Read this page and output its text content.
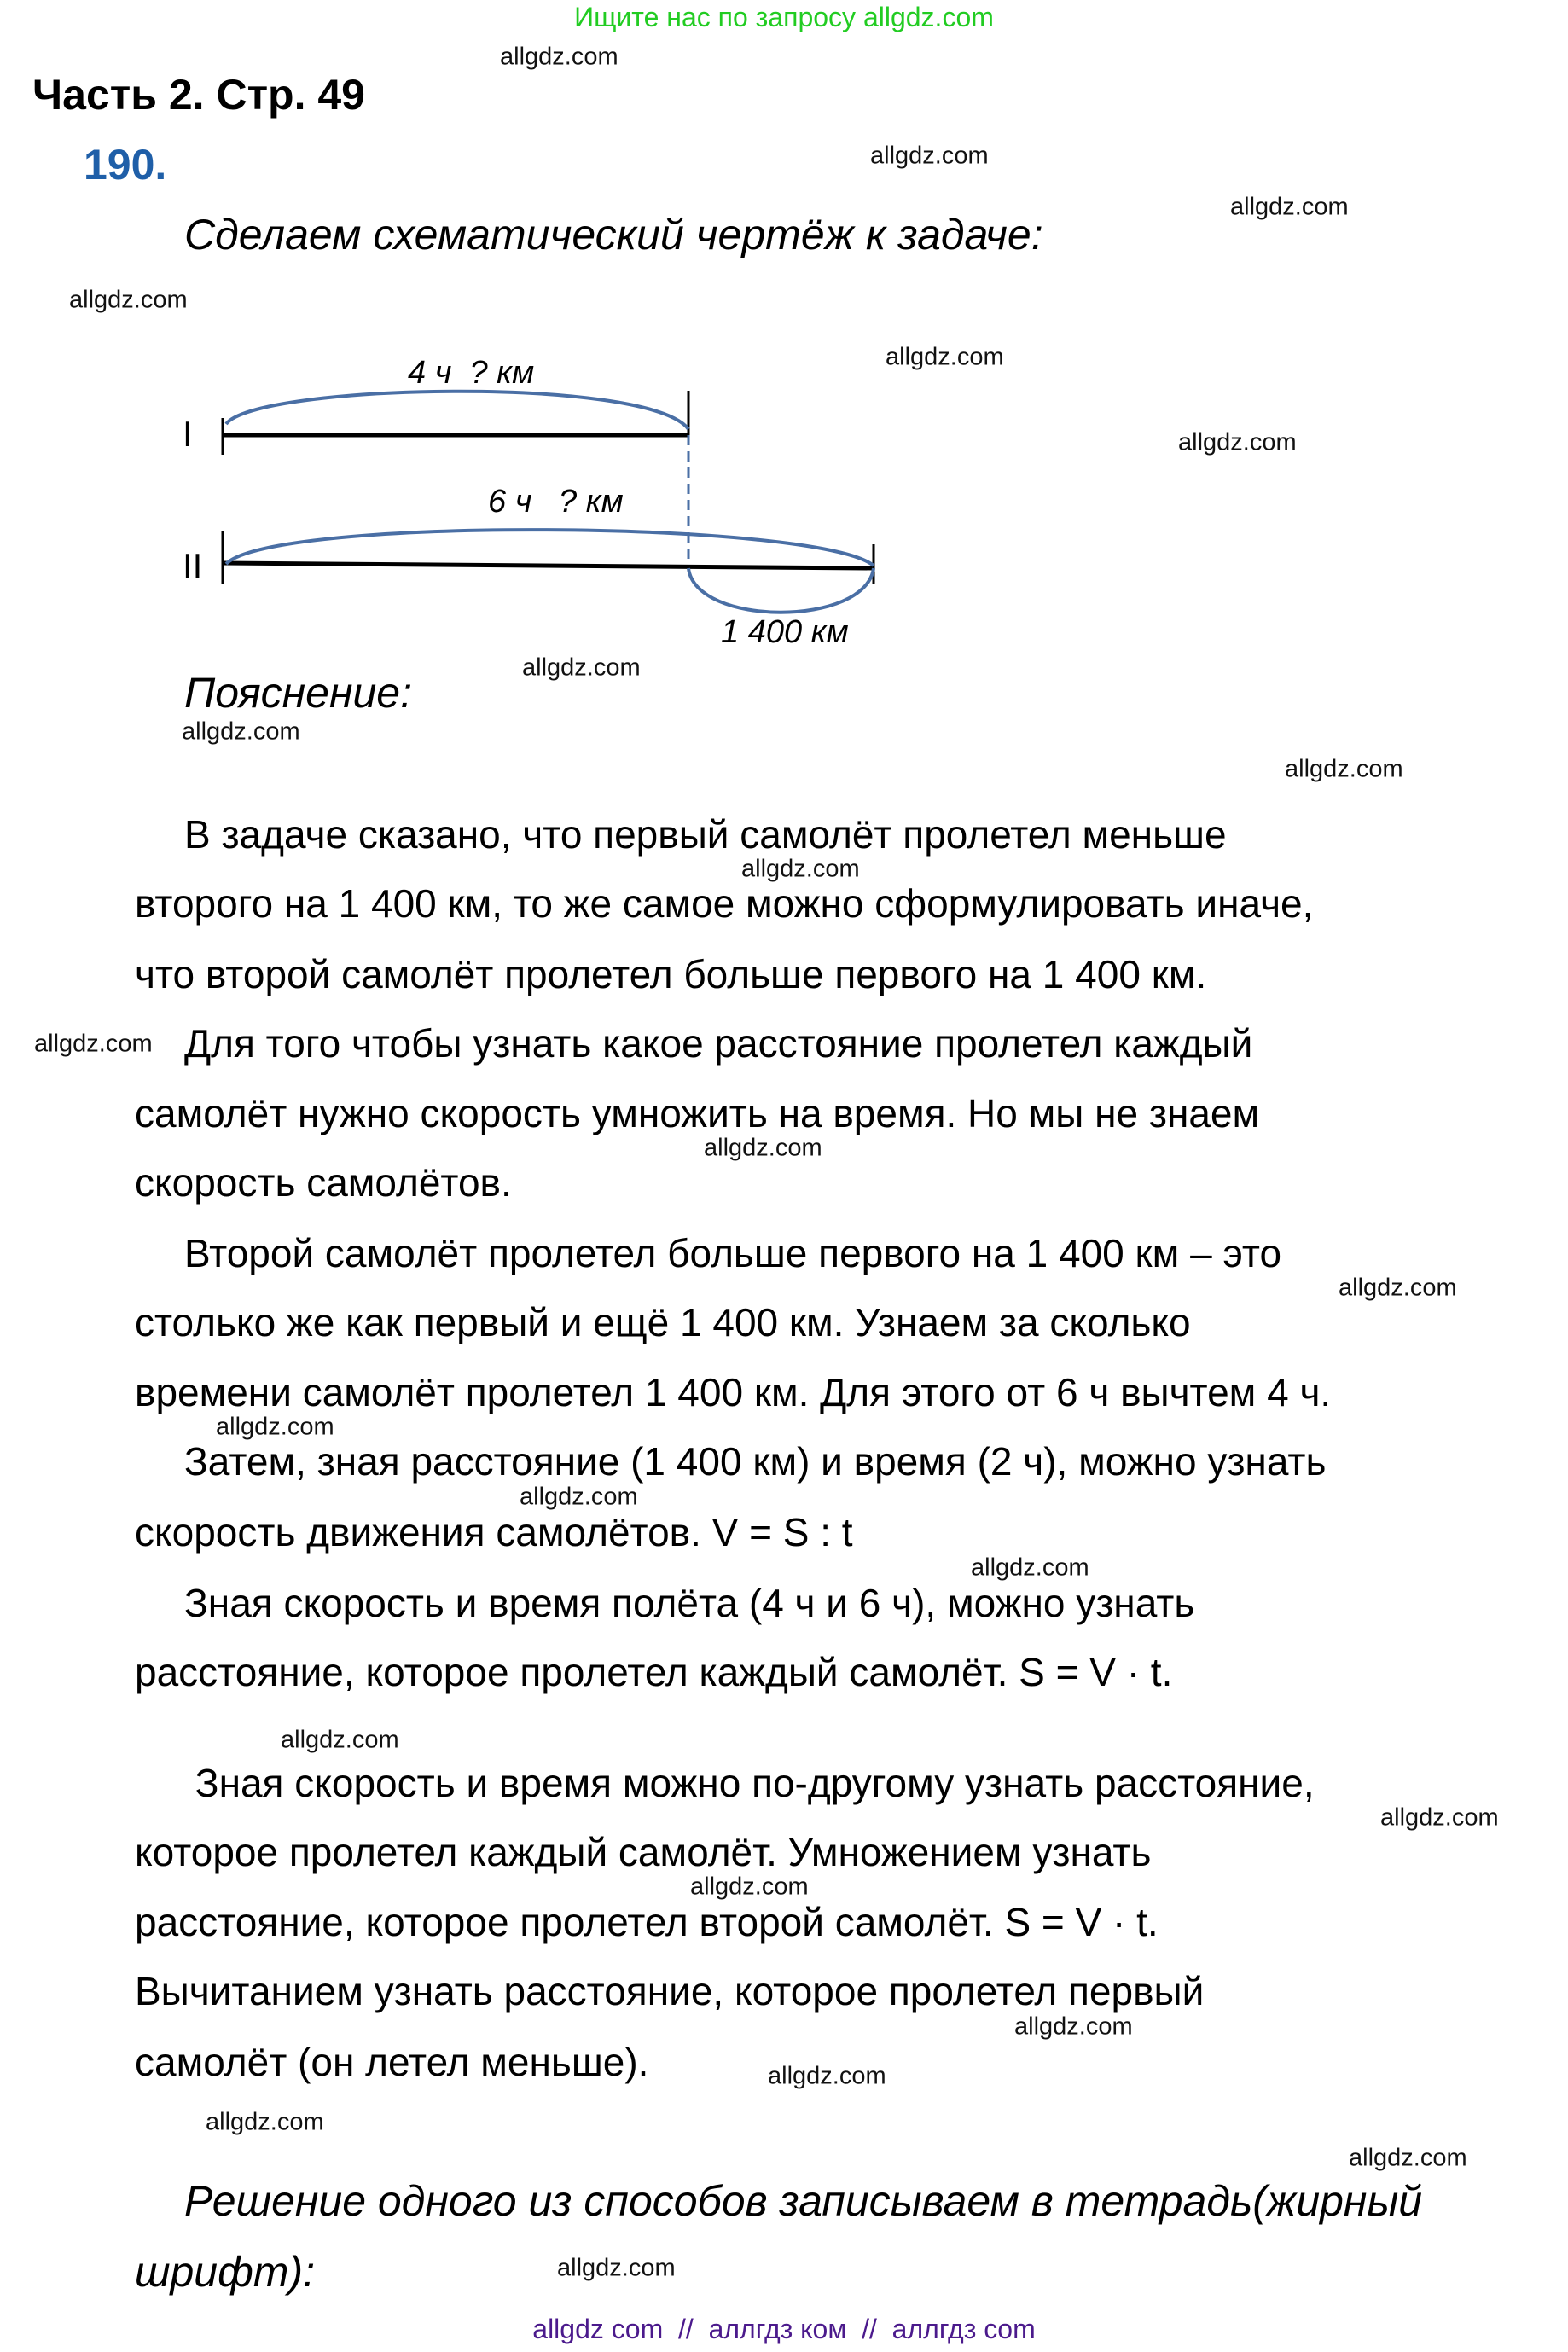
Ищите нас по запросу allgdz.com
Часть 2. Стр. 49
190.
Сделаем схематический чертёж к задаче:
I
II
4 ч  ? км
6 ч   ? км
1 400 км
Пояснение:
В задаче сказано, что первый самолёт пролетел меньше
второго на 1 400 км, то же самое можно сформулировать иначе,
что второй самолёт пролетел больше первого на 1 400 км.
Для того чтобы узнать какое расстояние пролетел каждый
самолёт нужно скорость умножить на время. Но мы не знаем
скорость самолётов.
Второй самолёт пролетел больше первого на 1 400 км – это
столько же как первый и ещё 1 400 км. Узнаем за сколько
времени самолёт пролетел 1 400 км. Для этого от 6 ч вычтем 4 ч.
Затем, зная расстояние (1 400 км) и время (2 ч), можно узнать
скорость движения самолётов. V = S : t
Зная скорость и время полёта (4 ч и 6 ч), можно узнать
расстояние, которое пролетел каждый самолёт. S = V · t.
Зная скорость и время можно по-другому узнать расстояние,
которое пролетел каждый самолёт. Умножением узнать
расстояние, которое пролетел второй самолёт. S = V · t.
Вычитанием узнать расстояние, которое пролетел первый
самолёт (он летел меньше).
Решение одного из способов записываем в тетрадь(жирный
шрифт):
allgdz.com
allgdz.com
allgdz.com
allgdz.com
allgdz.com
allgdz.com
allgdz.com
allgdz.com
allgdz.com
allgdz.com
allgdz.com
allgdz.com
allgdz.com
allgdz.com
allgdz.com
allgdz.com
allgdz.com
allgdz.com
allgdz.com
allgdz.com
allgdz.com
allgdz.com
allgdz.com
allgdz.com
allgdz com  //  аллгдз ком  //  аллгдз com
